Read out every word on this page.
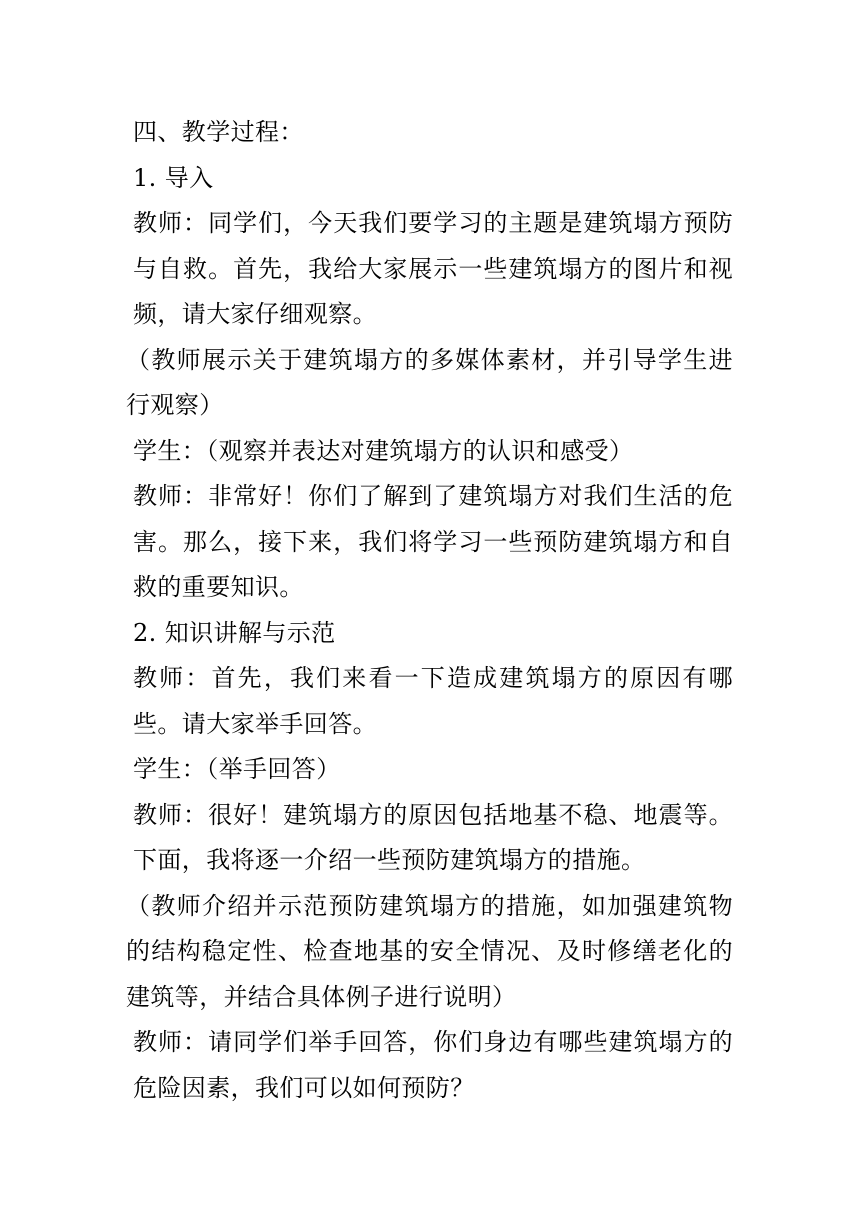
四、教学过程：

1. 导入

教师：同学们，今天我们要学习的主题是建筑塌方预防与自救。首先，我给大家展示一些建筑塌方的图片和视频，请大家仔细观察。

（教师展示关于建筑塌方的多媒体素材，并引导学生进行观察）

学生：（观察并表达对建筑塌方的认识和感受）

教师：非常好！你们了解到了建筑塌方对我们生活的危害。那么，接下来，我们将学习一些预防建筑塌方和自救的重要知识。

2. 知识讲解与示范

教师：首先，我们来看一下造成建筑塌方的原因有哪些。请大家举手回答。

学生：（举手回答）

教师：很好！建筑塌方的原因包括地基不稳、地震等。下面，我将逐一介绍一些预防建筑塌方的措施。

（教师介绍并示范预防建筑塌方的措施，如加强建筑物的结构稳定性、检查地基的安全情况、及时修缮老化的建筑等，并结合具体例子进行说明）

教师：请同学们举手回答，你们身边有哪些建筑塌方的危险因素，我们可以如何预防？
